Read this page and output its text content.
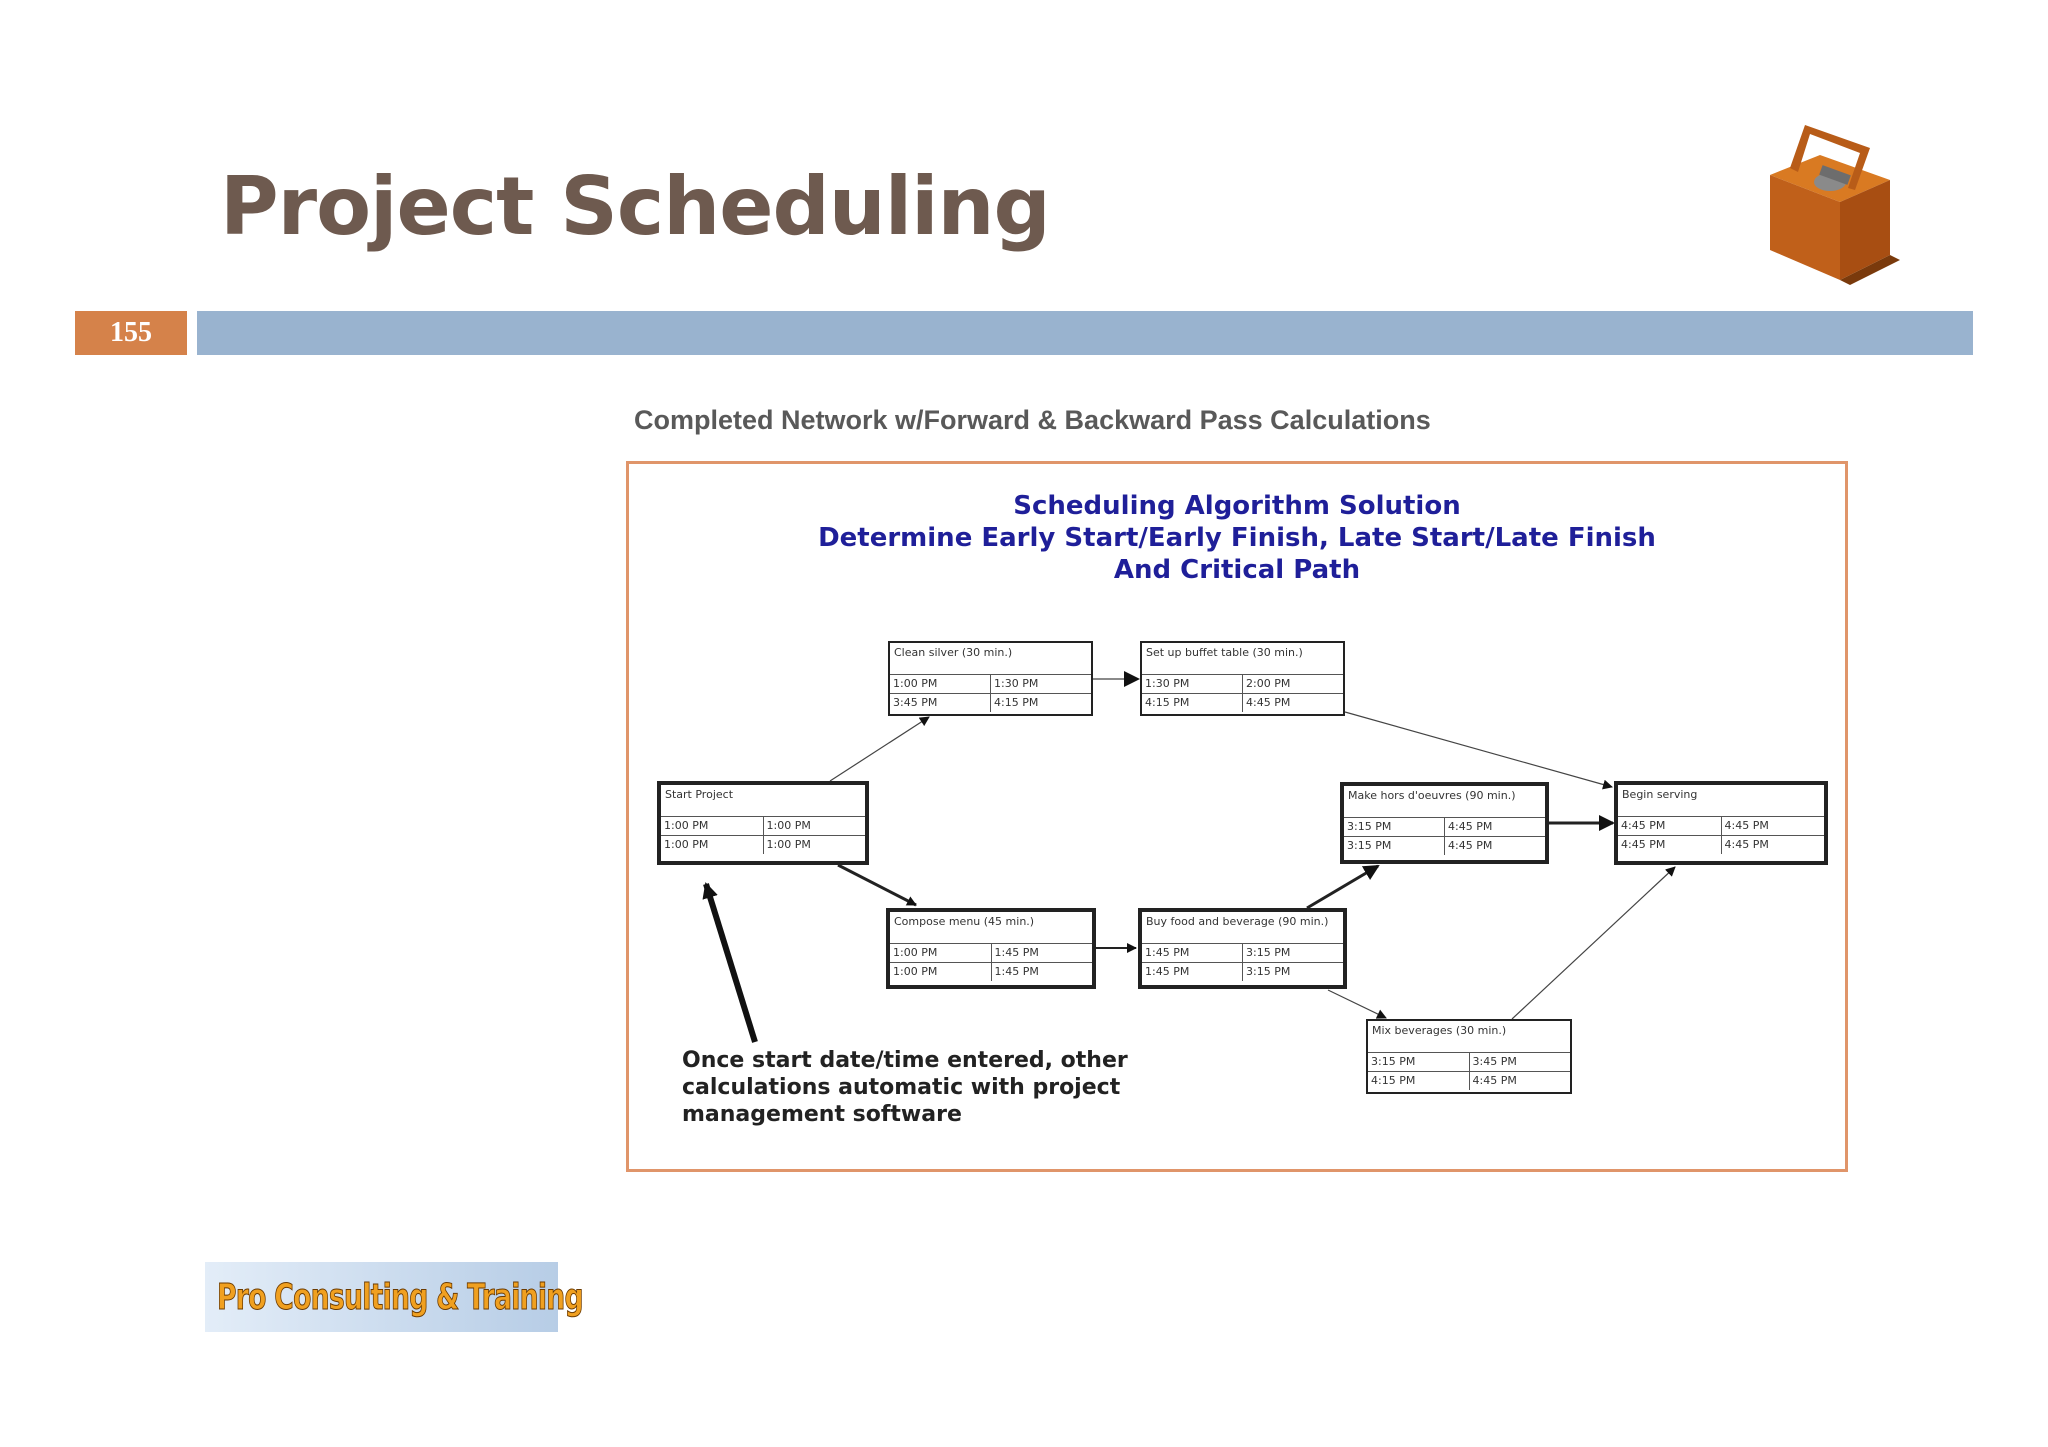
Project Scheduling
155
Completed Network w/Forward & Backward Pass Calculations
Scheduling Algorithm Solution
Determine Early Start/Early Finish, Late Start/Late Finish
And Critical Path
Start Project
1:00 PM	1:00 PM
1:00 PM	1:00 PM
Clean silver (30 min.)
1:00 PM	1:30 PM
3:45 PM	4:15 PM
Set up buffet table (30 min.)
1:30 PM	2:00 PM
4:15 PM	4:45 PM
Compose menu (45 min.)
1:00 PM	1:45 PM
1:00 PM	1:45 PM
Buy food and beverage (90 min.)
1:45 PM	3:15 PM
1:45 PM	3:15 PM
Make hors d'oeuvres (90 min.)
3:15 PM	4:45 PM
3:15 PM	4:45 PM
Begin serving
4:45 PM	4:45 PM
4:45 PM	4:45 PM
Mix beverages (30 min.)
3:15 PM	3:45 PM
4:15 PM	4:45 PM
Once start date/time entered, other
calculations automatic with project
management software
Pro Consulting & Training
